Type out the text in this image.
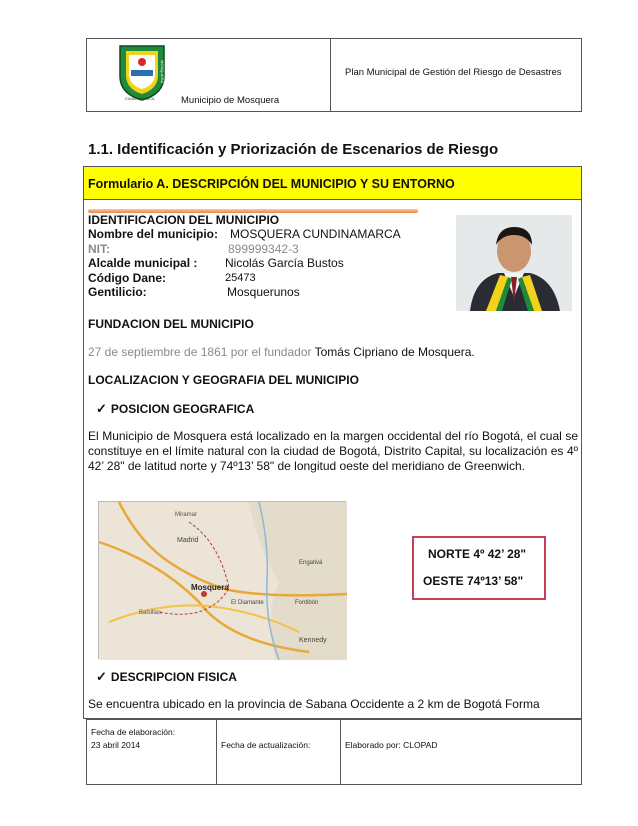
MUNICIPIO	MOSQUERA
CUNDINAMARCA	Municipio de Mosquera
Plan Municipal de Gestión del Riesgo de Desastres
1.1. Identificación y Priorización de Escenarios de Riesgo
Formulario A. DESCRIPCIÓN DEL MUNICIPIO Y SU ENTORNO
IDENTIFICACION DEL MUNICIPIO
Nombre del municipio: MOSQUERA CUNDINAMARCA
NIT:	899999342-3
Alcalde municipal : Nicolás García Bustos
Código Dane:	25473
Gentilicio:	Mosquerunos
FUNDACION DEL MUNICIPIO
27 de septiembre de 1861 por el fundador Tomás Cipriano de Mosquera.
LOCALIZACION Y GEOGRAFIA DEL MUNICIPIO
✓ POSICION GEOGRAFICA
El Municipio de Mosquera está localizado en la margen occidental del río Bogotá, el cual se constituye en el límite natural con la ciudad de Bogotá, Distrito Capital, su localización es 4º 42’ 28" de latitud norte y 74º13’ 58" de longitud oeste del meridiano de Greenwich.
Miramar
Madrid
Mosquera
El Diamante	Fontibón
Kennedy
Engativá
Balsillas
NORTE 4º 42’ 28"
OESTE 74º13’ 58"
✓ DESCRIPCION FISICA
Se encuentra ubicado en la provincia de Sabana Occidente a 2 km de Bogotá Forma
Fecha de elaboración:
23 abril 2014	Fecha de actualización:	Elaborado por: CLOPAD
